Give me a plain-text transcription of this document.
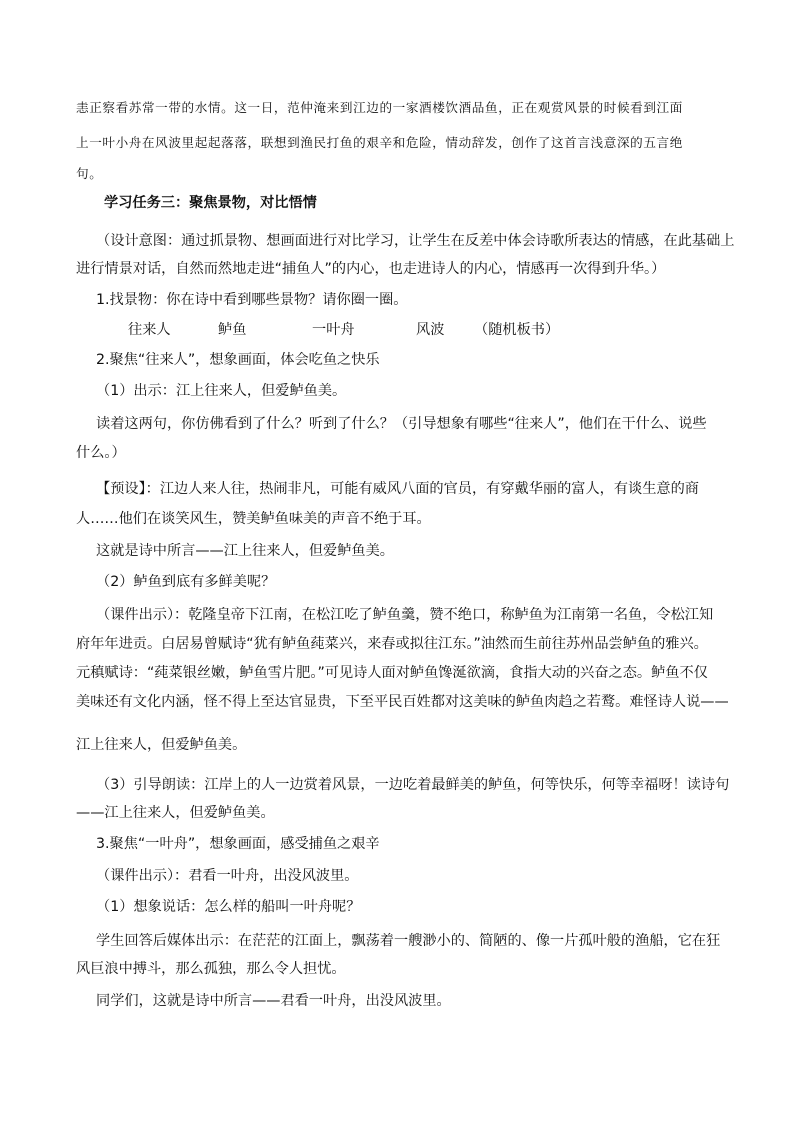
恚正察看苏常一带的水情。这一日，范仲淹来到江边的一家酒楼饮酒品鱼，正在观赏风景的时候看到江面
上一叶小舟在风波里起起落落，联想到渔民打鱼的艰辛和危险，情动辞发，创作了这首言浅意深的五言绝
句。
学习任务三：聚焦景物，对比悟情
（设计意图：通过抓景物、想画面进行对比学习，让学生在反差中体会诗歌所表达的情感，在此基础上
进行情景对话，自然而然地走进“捕鱼人”的内心，也走进诗人的内心，情感再一次得到升华。）
1.找景物：你在诗中看到哪些景物？请你圈一圈。
往来人	鲈鱼	一叶舟	风波 （随机板书）
2.聚焦“往来人”，想象画面，体会吃鱼之快乐
（1）出示：江上往来人，但爱鲈鱼美。
读着这两句，你仿佛看到了什么？听到了什么？（引导想象有哪些“往来人”，他们在干什么、说些
什么。）
【预设】：江边人来人往，热闹非凡，可能有威风八面的官员，有穿戴华丽的富人，有谈生意的商
人……他们在谈笑风生，赞美鲈鱼味美的声音不绝于耳。
这就是诗中所言——江上往来人，但爱鲈鱼美。
（2）鲈鱼到底有多鲜美呢？
（课件出示）：乾隆皇帝下江南，在松江吃了鲈鱼羹，赞不绝口，称鲈鱼为江南第一名鱼，令松江知
府年年进贡。白居易曾赋诗“犹有鲈鱼莼菜兴，来春或拟往江东。”油然而生前往苏州品尝鲈鱼的雅兴。
元稹赋诗：“莼菜银丝嫩，鲈鱼雪片肥。”可见诗人面对鲈鱼馋涎欲滴，食指大动的兴奋之态。鲈鱼不仅
美味还有文化内涵，怪不得上至达官显贵，下至平民百姓都对这美味的鲈鱼肉趋之若鹜。难怪诗人说——
江上往来人，但爱鲈鱼美。
（3）引导朗读：江岸上的人一边赏着风景，一边吃着最鲜美的鲈鱼，何等快乐，何等幸福呀！读诗句
——江上往来人，但爱鲈鱼美。
3.聚焦“一叶舟”，想象画面，感受捕鱼之艰辛
（课件出示）：君看一叶舟，出没风波里。
（1）想象说话：怎么样的船叫一叶舟呢？
学生回答后媒体出示：在茫茫的江面上，飘荡着一艘渺小的、简陋的、像一片孤叶般的渔船，它在狂
风巨浪中搏斗，那么孤独，那么令人担忧。
同学们，这就是诗中所言——君看一叶舟，出没风波里。
